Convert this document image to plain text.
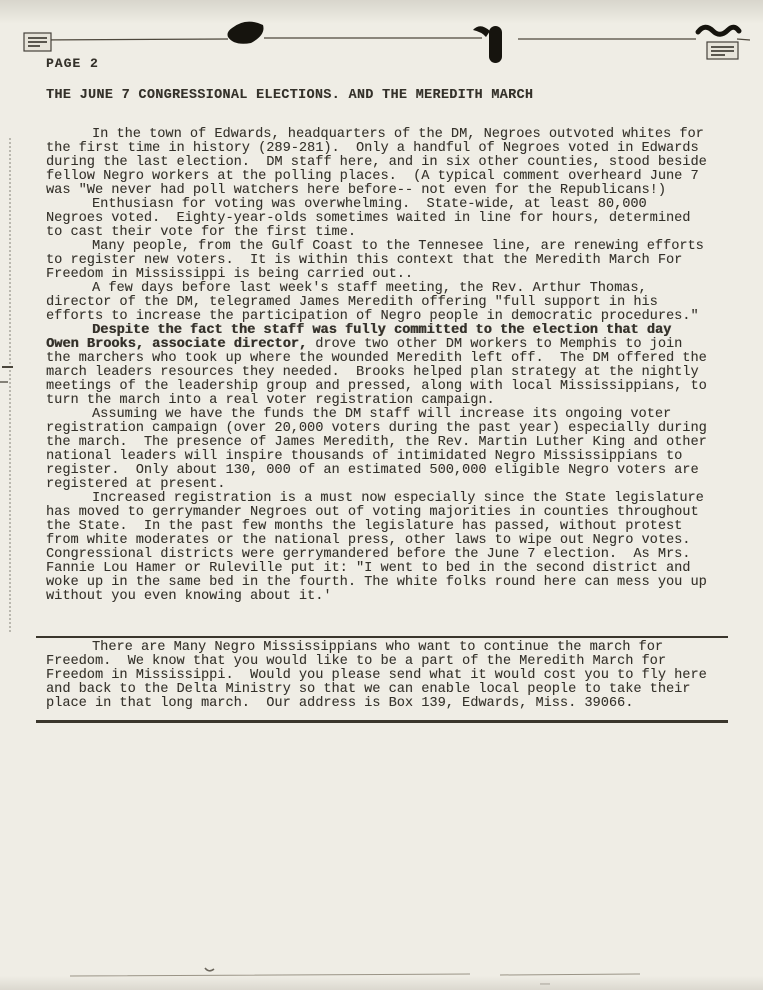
PAGE 2
THE JUNE 7 CONGRESSIONAL ELECTIONS. AND THE MEREDITH MARCH

In the town of Edwards, headquarters of the DM, Negroes outvoted whites for the first time in history (289-281).  Only a handful of Negroes voted in Edwards during the last election.  DM staff here, and in six other counties, stood beside fellow Negro workers at the polling places.  (A typical comment overheard June 7 was "We never had poll watchers here before-- not even for the Republicans!)

Enthusiasn for voting was overwhelming.  State-wide, at least 80,000 Negroes voted.  Eighty-year-olds sometimes waited in line for hours, determined to cast their vote for the first time.

Many people, from the Gulf Coast to the Tennesee line, are renewing efforts to register new voters.  It is within this context that the Meredith March For Freedom in Mississippi is being carried out..

A few days before last week's staff meeting, the Rev. Arthur Thomas, director of the DM, telegramed James Meredith offering "full support in his efforts to increase the participation of Negro people in democratic procedures."

Despite the fact the staff was fully committed to the election that day Owen Brooks, associate director, drove two other DM workers to Memphis to join the marchers who took up where the wounded Meredith left off.  The DM offered the march leaders resources they needed.  Brooks helped plan strategy at the nightly meetings of the leadership group and pressed, along with local Mississippians, to turn the march into a real voter registration campaign.

Assuming we have the funds the DM staff will increase its ongoing voter registration campaign (over 20,000 voters during the past year) especially during the march.  The presence of James Meredith, the Rev. Martin Luther King and other national leaders will inspire thousands of intimidated Negro Mississippians to register.  Only about 130, 000 of an estimated 500,000 eligible Negro voters are registered at present.

Increased registration is a must now especially since the State legislature has moved to gerrymander Negroes out of voting majorities in counties throughout the State.  In the past few months the legislature has passed, without protest from white moderates or the national press, other laws to wipe out Negro votes.  Congressional districts were gerrymandered before the June 7 election.  As Mrs. Fannie Lou Hamer or Ruleville put it: "I went to bed in the second district and woke up in the same bed in the fourth. The white folks round here can mess you up without you even knowing about it.'

There are Many Negro Mississippians who want to continue the march for Freedom.  We know that you would like to be a part of the Meredith March for Freedom in Mississippi.  Would you please send what it would cost you to fly here and back to the Delta Ministry so that we can enable local people to take their place in that long march.  Our address is Box 139, Edwards, Miss. 39066.
